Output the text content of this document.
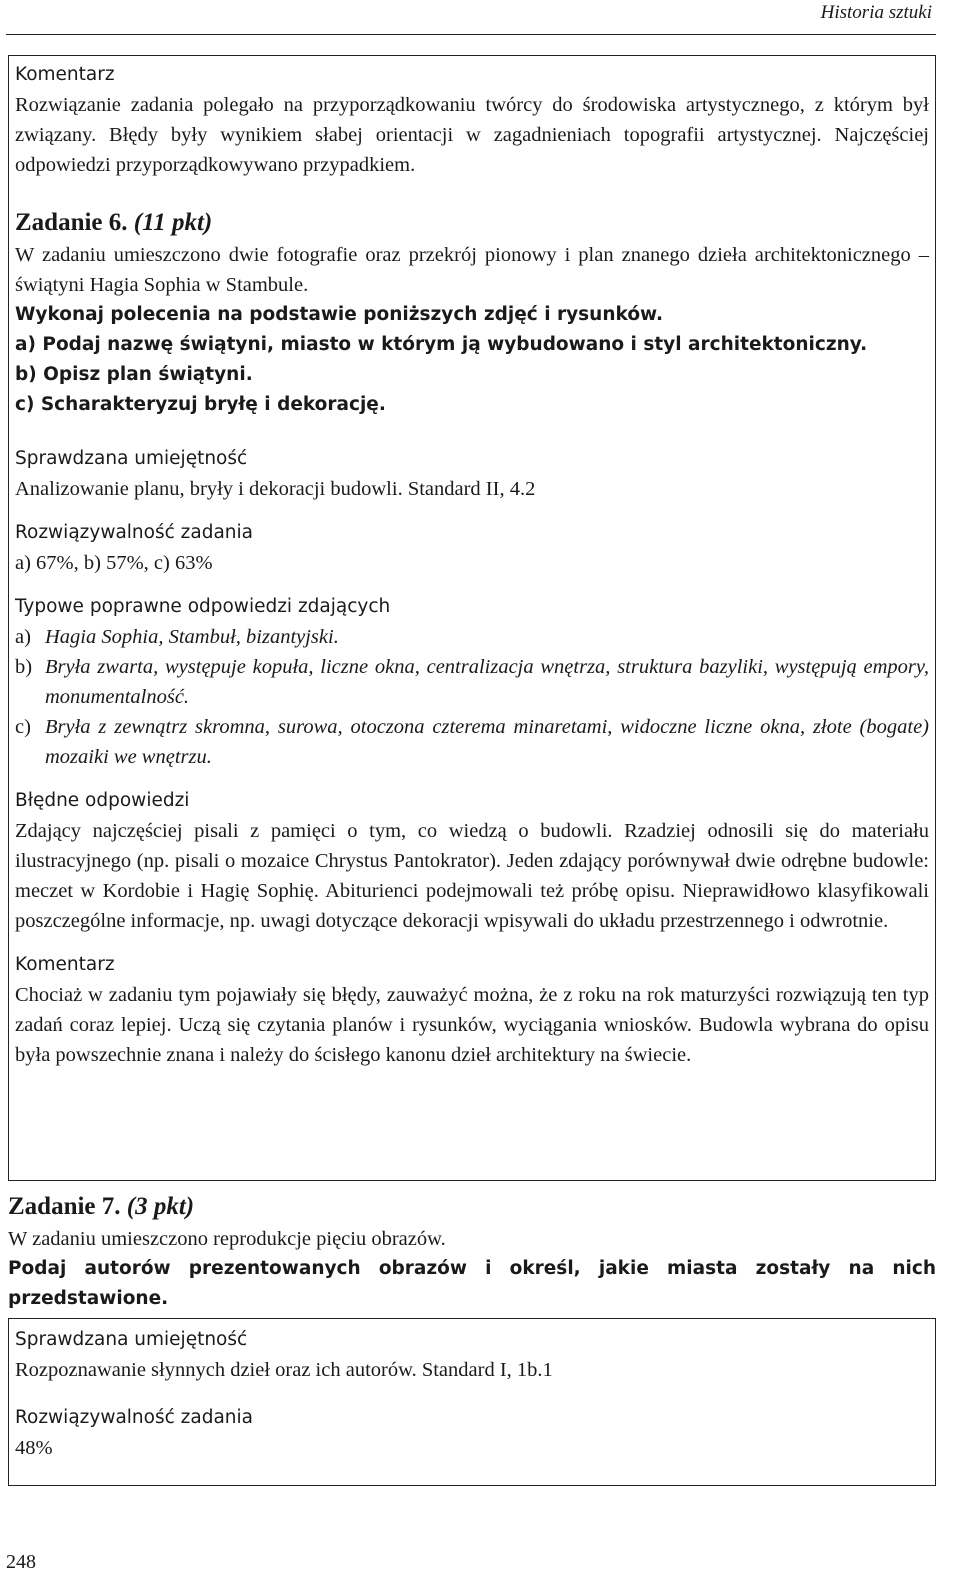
Historia sztuki
Komentarz
Rozwiązanie zadania polegało na przyporządkowaniu twórcy do środowiska artystycznego, z którym był związany. Błędy były wynikiem słabej orientacji w zagadnieniach topografii artystycznej. Najczęściej odpowiedzi przyporządkowywano przypadkiem.
Zadanie 6. (11 pkt)
W zadaniu umieszczono dwie fotografie oraz przekrój pionowy i plan znanego dzieła architektonicznego – świątyni Hagia Sophia w Stambule.
Wykonaj polecenia na podstawie poniższych zdjęć i rysunków.
a) Podaj nazwę świątyni, miasto w którym ją wybudowano i styl architektoniczny.
b) Opisz plan świątyni.
c) Scharakteryzuj bryłę i dekorację.
Sprawdzana umiejętność
Analizowanie planu, bryły i dekoracji budowli. Standard II, 4.2
Rozwiązywalność zadania
a) 67%, b) 57%, c) 63%
Typowe poprawne odpowiedzi zdających
a) Hagia Sophia, Stambuł, bizantyjski.
b) Bryła zwarta, występuje kopuła, liczne okna, centralizacja wnętrza, struktura bazyliki, występują empory, monumentalność.
c) Bryła z zewnątrz skromna, surowa, otoczona czterema minaretami, widoczne liczne okna, złote (bogate) mozaiki we wnętrzu.
Błędne odpowiedzi
Zdający najczęściej pisali z pamięci o tym, co wiedzą o budowli. Rzadziej odnosili się do materiału ilustracyjnego (np. pisali o mozaice Chrystus Pantokrator). Jeden zdający porównywał dwie odrębne budowle: meczet w Kordobie i Hagię Sophię. Abiturienci podejmowali też próbę opisu. Nieprawidłowo klasyfikowali poszczególne informacje, np. uwagi dotyczące dekoracji wpisywali do układu przestrzennego i odwrotnie.
Komentarz
Chociaż w zadaniu tym pojawiały się błędy, zauważyć można, że z roku na rok maturzyści rozwiązują ten typ zadań coraz lepiej. Uczą się czytania planów i rysunków, wyciągania wniosków. Budowla wybrana do opisu była powszechnie znana i należy do ścisłego kanonu dzieł architektury na świecie.
Zadanie 7. (3 pkt)
W zadaniu umieszczono reprodukcje pięciu obrazów.
Podaj autorów prezentowanych obrazów i określ, jakie miasta zostały na nich przedstawione.
Sprawdzana umiejętność
Rozpoznawanie słynnych dzieł oraz ich autorów. Standard I, 1b.1
Rozwiązywalność zadania
48%
248
